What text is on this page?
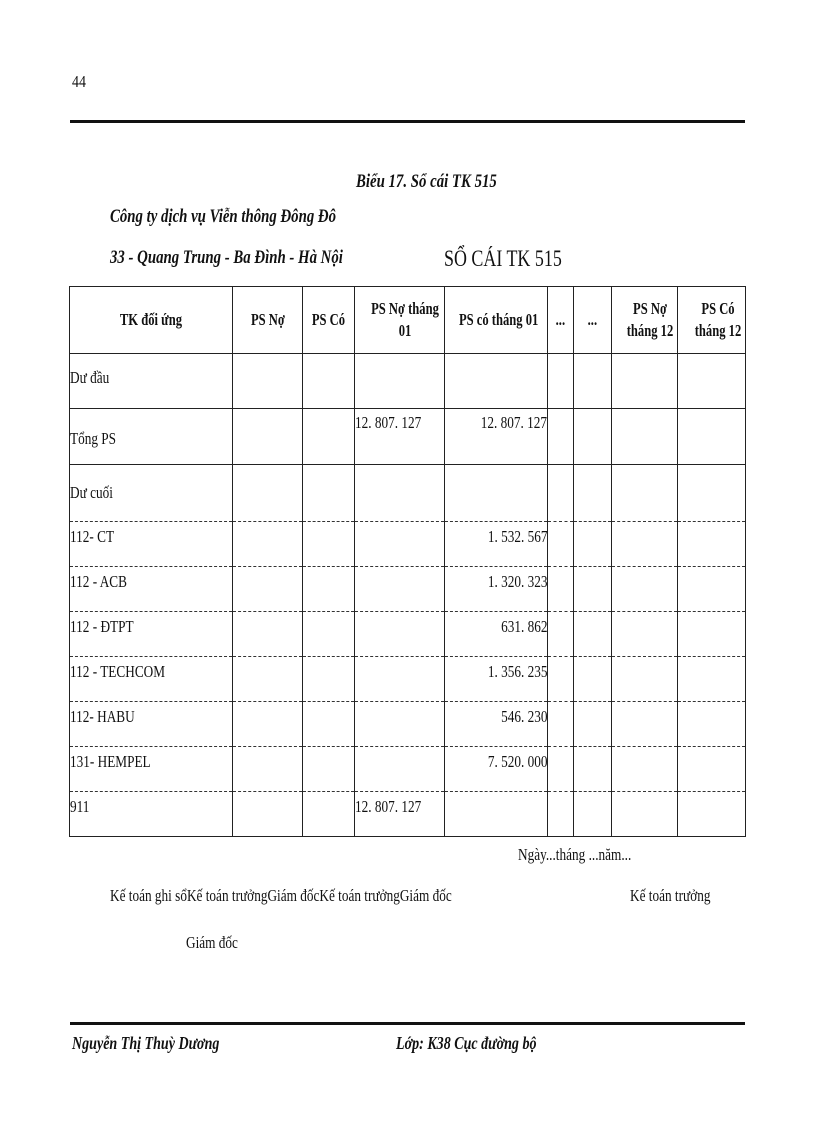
44
Biểu 17. Sổ cái TK 515
Công ty dịch vụ Viễn thông Đông Đô
33 - Quang Trung - Ba Đình - Hà Nội	SỔ CÁI TK 515
TK đối ứng	PS Nợ	PS Có	PS Nợ tháng 01	PS có tháng 01	...	...	PS Nợ tháng 12	PS Có tháng 12
Dư đầu								
Tổng PS			12. 807. 127	12. 807. 127				
Dư cuối								
112- CT				1. 532. 567				
112 - ACB				1. 320. 323				
112 - ĐTPT				631. 862				
112 - TECHCOM				1. 356. 235				
112- HABU				546. 230				
131- HEMPEL				7. 520. 000				
911			12. 807. 127					
Ngày...tháng ...năm...
Kế toán ghi sổKế toán trưởngGiám đốcKế toán trưởngGiám đốc	Kế toán trưởng
Giám đốc
Nguyễn Thị Thuỳ Dương	Lớp: K38 Cục đường bộ
